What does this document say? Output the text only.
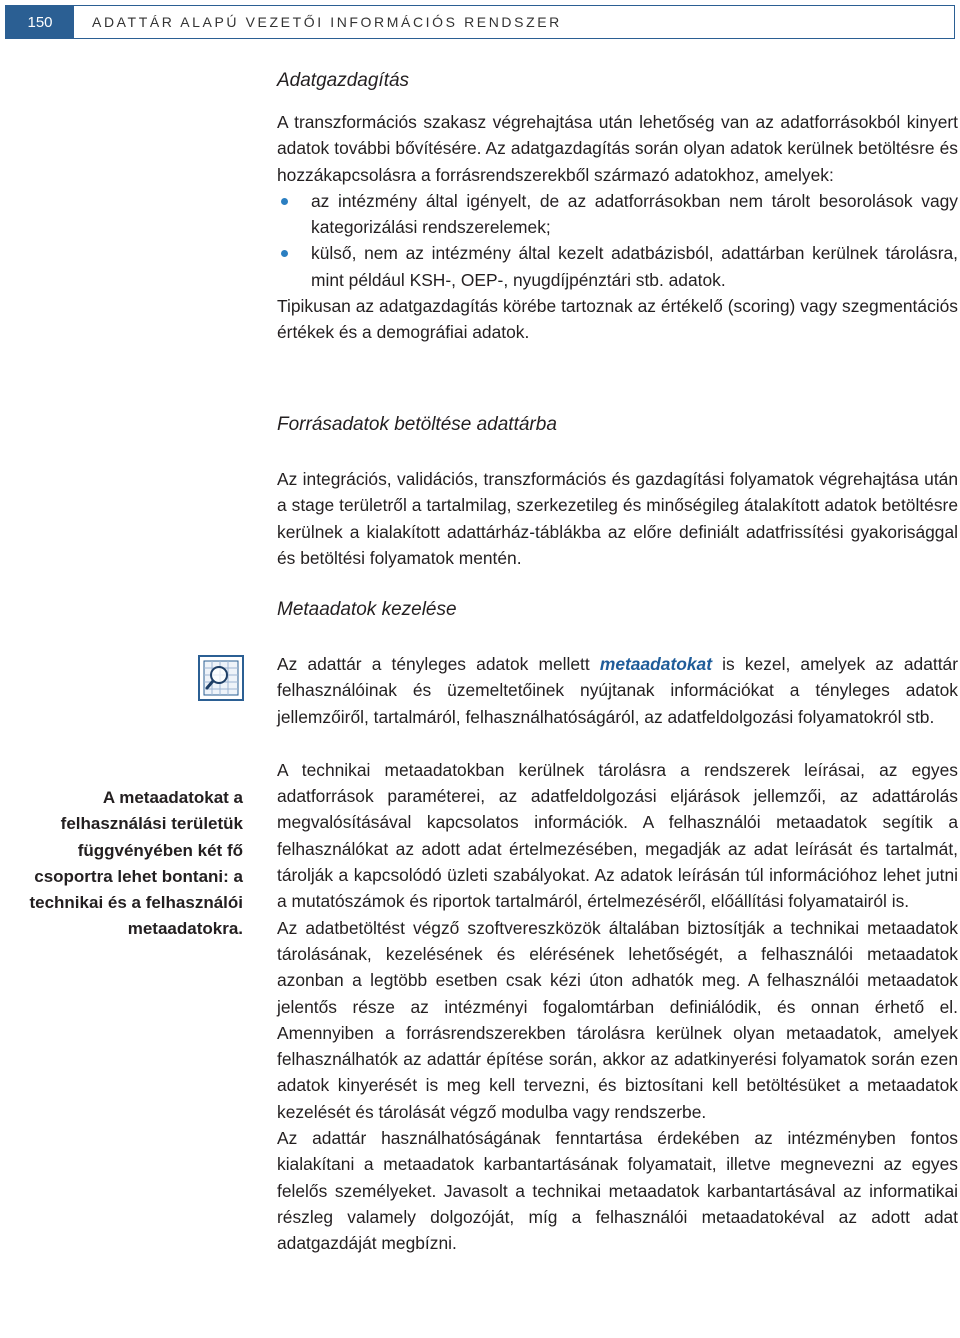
150	ADATTÁR ALAPÚ VEZETŐI INFORMÁCIÓS RENDSZER

Adatgazdagítás

A transzformációs szakasz végrehajtása után lehetőség van az adatforrásokból kinyert adatok további bővítésére. Az adatgazdagítás során olyan adatok kerülnek betöltésre és hozzákapcsolásra a forrásrendszerekből származó adatokhoz, amelyek:

az intézmény által igényelt, de az adatforrásokban nem tárolt besorolások vagy kategorizálási rendszerelemek;
külső, nem az intézmény által kezelt adatbázisból, adattárban kerülnek tárolásra, mint például KSH-, OEP-, nyugdíjpénztári stb. adatok.

Tipikusan az adatgazdagítás körébe tartoznak az értékelő (scoring) vagy szegmentációs értékek és a demográfiai adatok.

Forrásadatok betöltése adattárba

Az integrációs, validációs, transzformációs és gazdagítási folyamatok végrehajtása után a stage területről a tartalmilag, szerkezetileg és minőségileg átalakított adatok betöltésre kerülnek a kialakított adattárház-táblákba az előre definiált adatfrissítési gyakorisággal és betöltési folyamatok mentén.

Metaadatok kezelése

Az adattár a tényleges adatok mellett metaadatokat is kezel, amelyek az adattár felhasználóinak és üzemeltetőinek nyújtanak információkat a tényleges adatok jellemzőiről, tartalmáról, felhasználhatóságáról, az adatfeldolgozási folyamatokról stb.

A technikai metaadatokban kerülnek tárolásra a rendszerek leírásai, az egyes adatforrások paraméterei, az adatfeldolgozási eljárások jellemzői, az adattárolás megvalósításával kapcsolatos információk. A felhasználói metaadatok segítik a felhasználókat az adott adat értelmezésében, megadják az adat leírását és tartalmát, tárolják a kapcsolódó üzleti szabályokat. Az adatok leírásán túl információhoz lehet jutni a mutatószámok és riportok tartalmáról, értelmezéséről, előállítási folyamatairól is.

Az adatbetöltést végző szoftvereszközök általában biztosítják a technikai metaadatok tárolásának, kezelésének és elérésének lehetőségét, a felhasználói metaadatok azonban a legtöbb esetben csak kézi úton adhatók meg. A felhasználói metaadatok jelentős része az intézményi fogalomtárban definiálódik, és onnan érhető el. Amennyiben a forrásrendszerekben tárolásra kerülnek olyan metaadatok, amelyek felhasználhatók az adattár építése során, akkor az adatkinyerési folyamatok során ezen adatok kinyerését is meg kell tervezni, és biztosítani kell betöltésüket a metaadatok kezelését és tárolását végző modulba vagy rendszerbe.

Az adattár használhatóságának fenntartása érdekében az intézményben fontos kialakítani a metaadatok karbantartásának folyamatait, illetve megnevezni az egyes felelős személyeket. Javasolt a technikai metaadatok karbantartásával az informatikai részleg valamely dolgozóját, míg a felhasználói metaadatokéval az adott adat adatgazdáját megbízni.

A metaadatokat a felhasználási területük függvényében két fő csoportra lehet bontani: a technikai és a felhasználói metaadatokra.
